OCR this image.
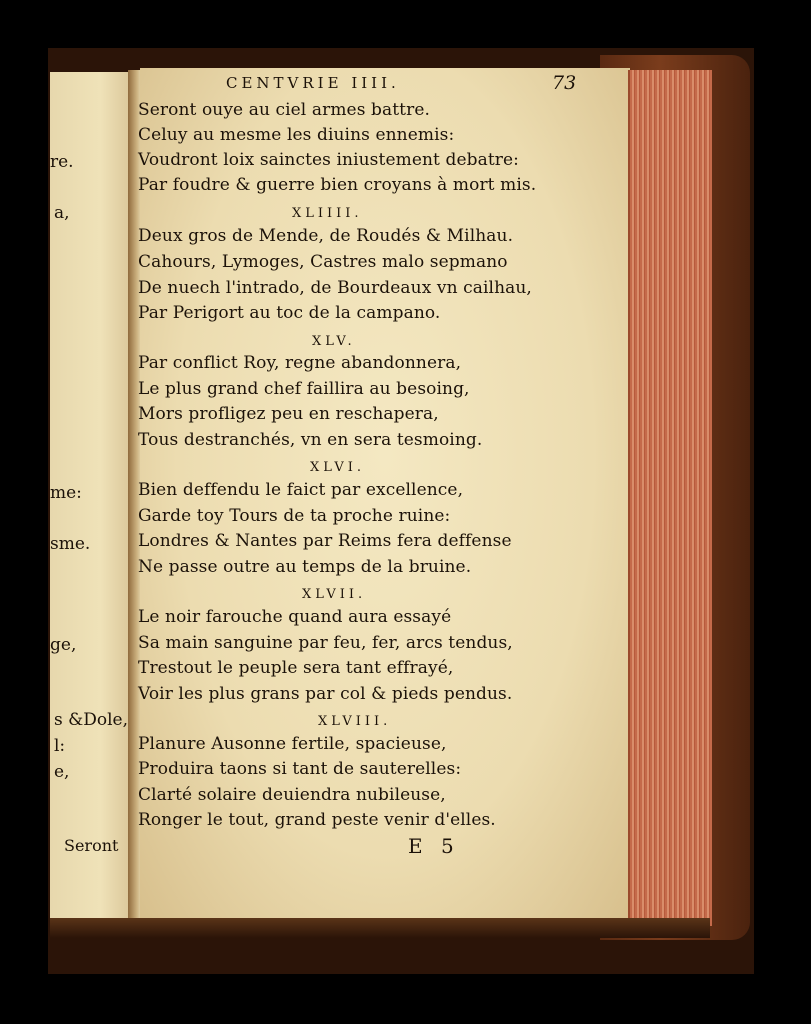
re.
a,
me:
sme.
ge,
s &Dole,
l:
e,
Seront
CENTVRIE IIII.	73
Seront ouye au ciel armes battre.
Celuy au mesme les diuins ennemis:
Voudront loix sainctes iniustement debatre:
Par foudre & guerre bien croyans à mort mis.
XLIIII.
Deux gros de Mende, de Roudés & Milhau.
Cahours, Lymoges, Castres malo sepmano
De nuech l'intrado, de Bourdeaux vn cailhau,
Par Perigort au toc de la campano.
XLV.
Par conflict Roy, regne abandonnera,
Le plus grand chef faillira au besoing,
Mors profligez peu en reschapera,
Tous destranchés, vn en sera tesmoing.
XLVI.
Bien deffendu le faict par excellence,
Garde toy Tours de ta proche ruine:
Londres & Nantes par Reims fera deffense
Ne passe outre au temps de la bruine.
XLVII.
Le noir farouche quand aura essayé
Sa main sanguine par feu, fer, arcs tendus,
Trestout le peuple sera tant effrayé,
Voir les plus grans par col & pieds pendus.
XLVIII.
Planure Ausonne fertile, spacieuse,
Produira taons si tant de sauterelles:
Clarté solaire deuiendra nubileuse,
Ronger le tout, grand peste venir d'elles.
E 5
